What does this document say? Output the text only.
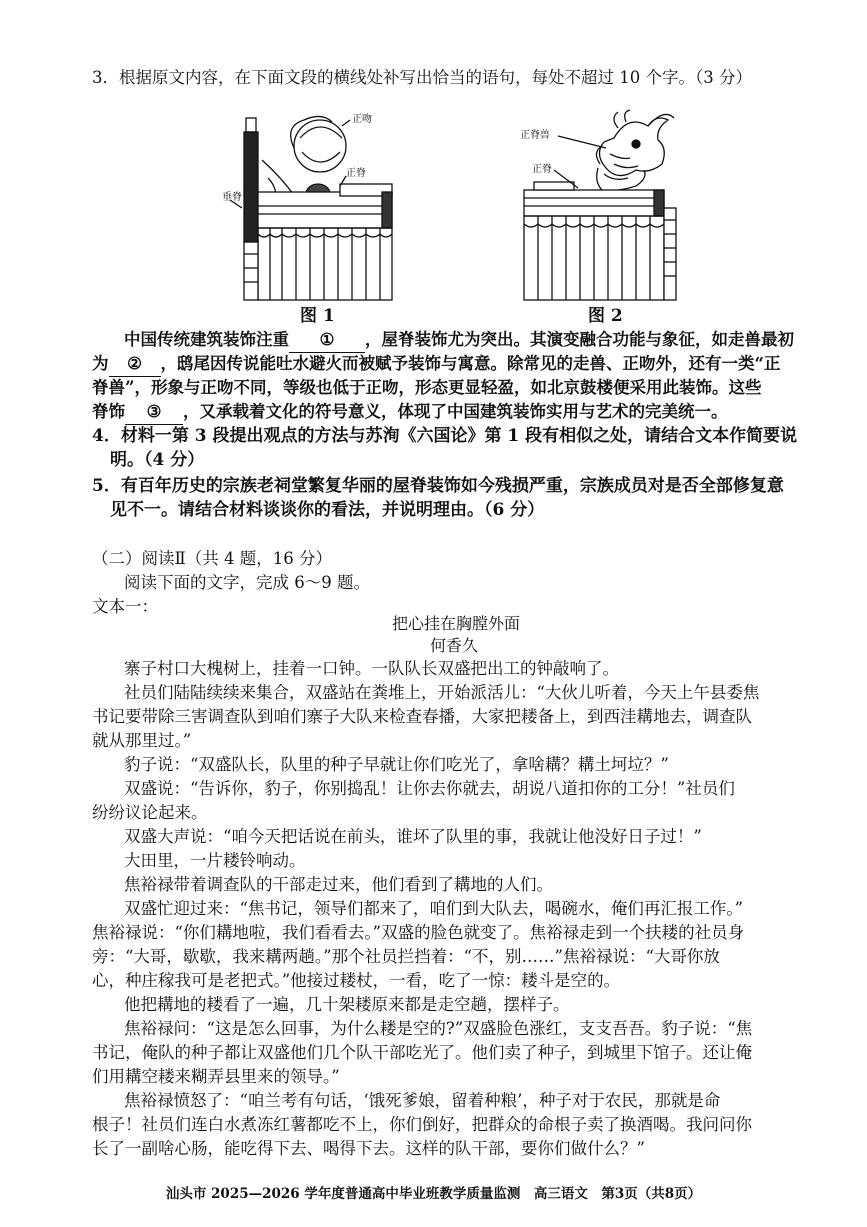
3．根据原文内容，在下面文段的横线处补写出恰当的语句，每处不超过 10 个字。（3 分）
正吻
正脊
垂脊
图 1
正脊兽
正脊
图 2
中国传统建筑装饰注重 ① ，屋脊装饰尤为突出。其演变融合功能与象征，如走兽最初
为 ② ，鸱尾因传说能吐水避火而被赋予装饰与寓意。除常见的走兽、正吻外，还有一类“正
脊兽”，形象与正吻不同，等级也低于正吻，形态更显轻盈，如北京鼓楼便采用此装饰。这些
脊饰 ③ ，又承载着文化的符号意义，体现了中国建筑装饰实用与艺术的完美统一。
4．材料一第 3 段提出观点的方法与苏洵《六国论》第 1 段有相似之处，请结合文本作简要说
明。（4 分）
5．有百年历史的宗族老祠堂繁复华丽的屋脊装饰如今残损严重，宗族成员对是否全部修复意
见不一。请结合材料谈谈你的看法，并说明理由。（6 分）
（二）阅读Ⅱ（共 4 题，16 分）
阅读下面的文字，完成 6～9 题。
文本一：
把心挂在胸膛外面
何香久
寨子村口大槐树上，挂着一口钟。一队队长双盛把出工的钟敲响了。
社员们陆陆续续来集合，双盛站在粪堆上，开始派活儿：“大伙儿听着，今天上午县委焦
书记要带除三害调查队到咱们寨子大队来检查春播，大家把耧备上，到西洼耩地去，调查队
就从那里过。”
豹子说：“双盛队长，队里的种子早就让你们吃光了，拿啥耩？耩土坷垃？”
双盛说：“告诉你，豹子，你别捣乱！让你去你就去，胡说八道扣你的工分！”社员们
纷纷议论起来。
双盛大声说：“咱今天把话说在前头，谁坏了队里的事，我就让他没好日子过！”
大田里，一片耧铃响动。
焦裕禄带着调查队的干部走过来，他们看到了耩地的人们。
双盛忙迎过来：“焦书记，领导们都来了，咱们到大队去，喝碗水，俺们再汇报工作。”
焦裕禄说：“你们耩地啦，我们看看去。”双盛的脸色就变了。焦裕禄走到一个扶耧的社员身
旁：“大哥，歇歇，我来耩两趟。”那个社员拦挡着：“不，别……”焦裕禄说：“大哥你放
心，种庄稼我可是老把式。”他接过耧杖，一看，吃了一惊：耧斗是空的。
他把耩地的耧看了一遍，几十架耧原来都是走空趟，摆样子。
焦裕禄问：“这是怎么回事，为什么耧是空的?”双盛脸色涨红，支支吾吾。豹子说：“焦
书记，俺队的种子都让双盛他们几个队干部吃光了。他们卖了种子，到城里下馆子。还让俺
们用耩空耧来糊弄县里来的领导。”
焦裕禄愤怒了：“咱兰考有句话，‘饿死爹娘，留着种粮’，种子对于农民，那就是命
根子！社员们连白水煮冻红薯都吃不上，你们倒好，把群众的命根子卖了换酒喝。我问问你
长了一副啥心肠，能吃得下去、喝得下去。这样的队干部，要你们做什么？”
汕头市 2025—2026 学年度普通高中毕业班教学质量监测　高三语文　第3页（共8页）
